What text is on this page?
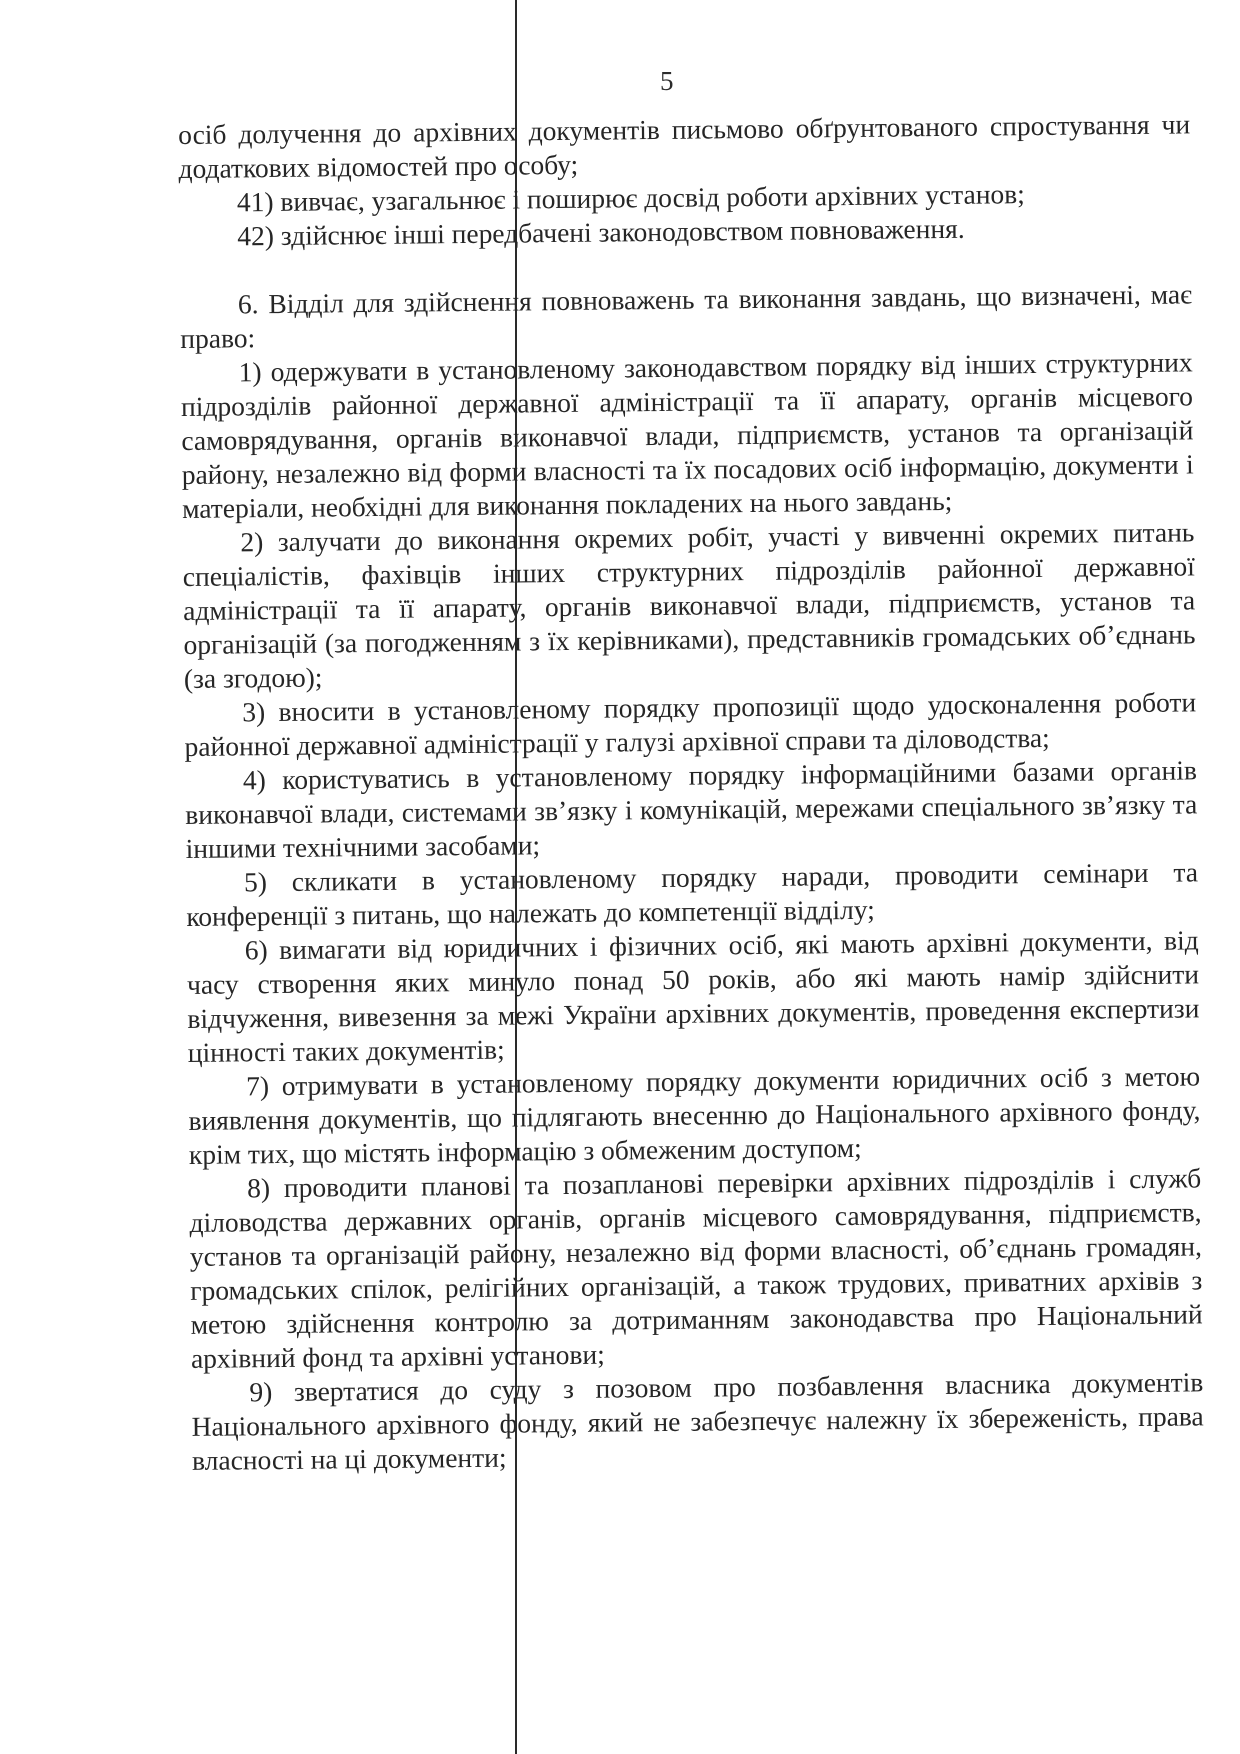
5

осіб долучення до архівних документів письмово обґрунтованого спростування чи додаткових відомостей про особу;

41) вивчає, узагальнює і поширює досвід роботи архівних установ;

42) здійснює інші передбачені законодовством повноваження.

6. Відділ для здійснення повноважень та виконання завдань, що визначені, має право:

1) одержувати в установленому законодавством порядку від інших структурних підрозділів районної державної адміністрації та її апарату, органів місцевого самоврядування, органів виконавчої влади, підприємств, установ та організацій району, незалежно від форми власності та їх посадових осіб інформацію, документи і матеріали, необхідні для виконання покладених на нього завдань;

2) залучати до виконання окремих робіт, участі у вивченні окремих питань спеціалістів, фахівців інших структурних підрозділів районної державної адміністрації та її апарату, органів виконавчої влади, підприємств, установ та організацій (за погодженням з їх керівниками), представників громадських об’єднань (за згодою);

3) вносити в установленому порядку пропозиції щодо удосконалення роботи районної державної адміністрації у галузі архівної справи та діловодства;

4) користуватись в установленому порядку інформаційними базами органів виконавчої влади, системами зв’язку і комунікацій, мережами спеціального зв’язку та іншими технічними засобами;

5) скликати в установленому порядку наради, проводити семінари та конференції з питань, що належать до компетенції відділу;

6) вимагати від юридичних і фізичних осіб, які мають архівні документи, від часу створення яких минуло понад 50 років, або які мають намір здійснити відчуження, вивезення за межі України архівних документів, проведення експертизи цінності таких документів;

7) отримувати в установленому порядку документи юридичних осіб з метою виявлення документів, що підлягають внесенню до Національного архівного фонду, крім тих, що містять інформацію з обмеженим доступом;

8) проводити планові та позапланові перевірки архівних підрозділів і служб діловодства державних органів, органів місцевого самоврядування, підприємств, установ та організацій району, незалежно від форми власності, об’єднань громадян, громадських спілок, релігійних організацій, а також трудових, приватних архівів з метою здійснення контролю за дотриманням законодавства про Національний архівний фонд та архівні установи;

9) звертатися до суду з позовом про позбавлення власника документів Національного архівного фонду, який не забезпечує належну їх збереженість, права власності на ці документи;
